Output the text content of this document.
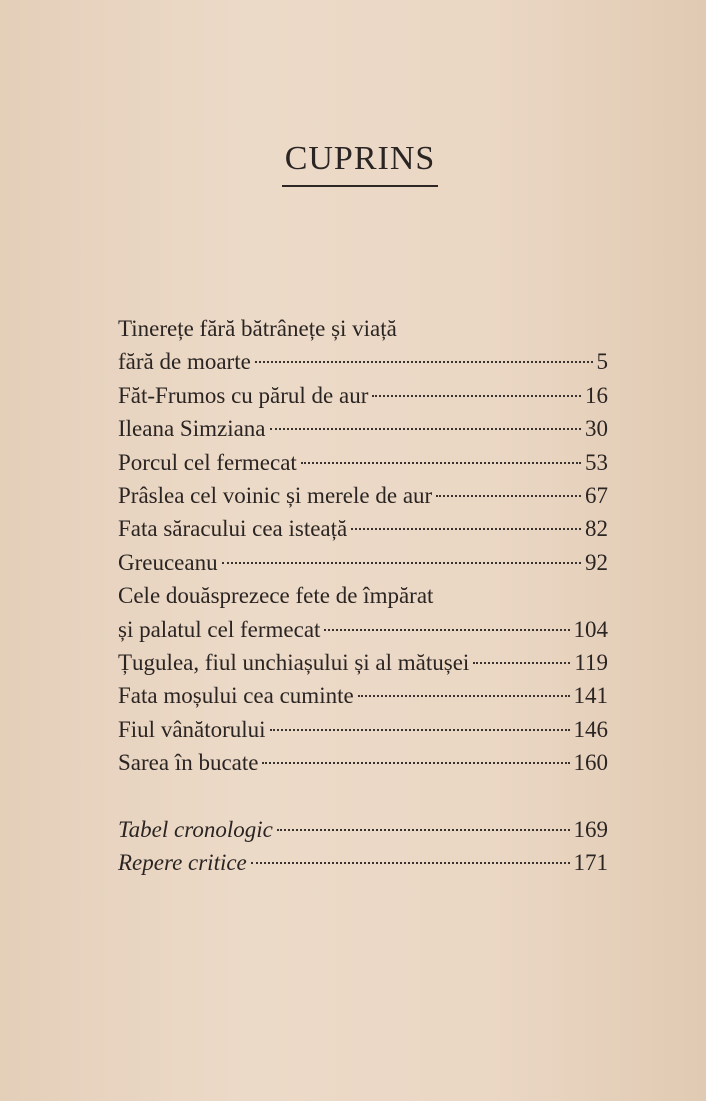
CUPRINS
Tinerețe fără bătrânețe și viață
fără de moarte	5
Făt-Frumos cu părul de aur	16
Ileana Simziana	30
Porcul cel fermecat	53
Prâslea cel voinic și merele de aur	67
Fata săracului cea isteață	82
Greuceanu	92
Cele douăsprezece fete de împărat
și palatul cel fermecat	104
Țugulea, fiul unchiașului și al mătușei	119
Fata moșului cea cuminte	141
Fiul vânătorului	146
Sarea în bucate	160
Tabel cronologic	169
Repere critice	171
